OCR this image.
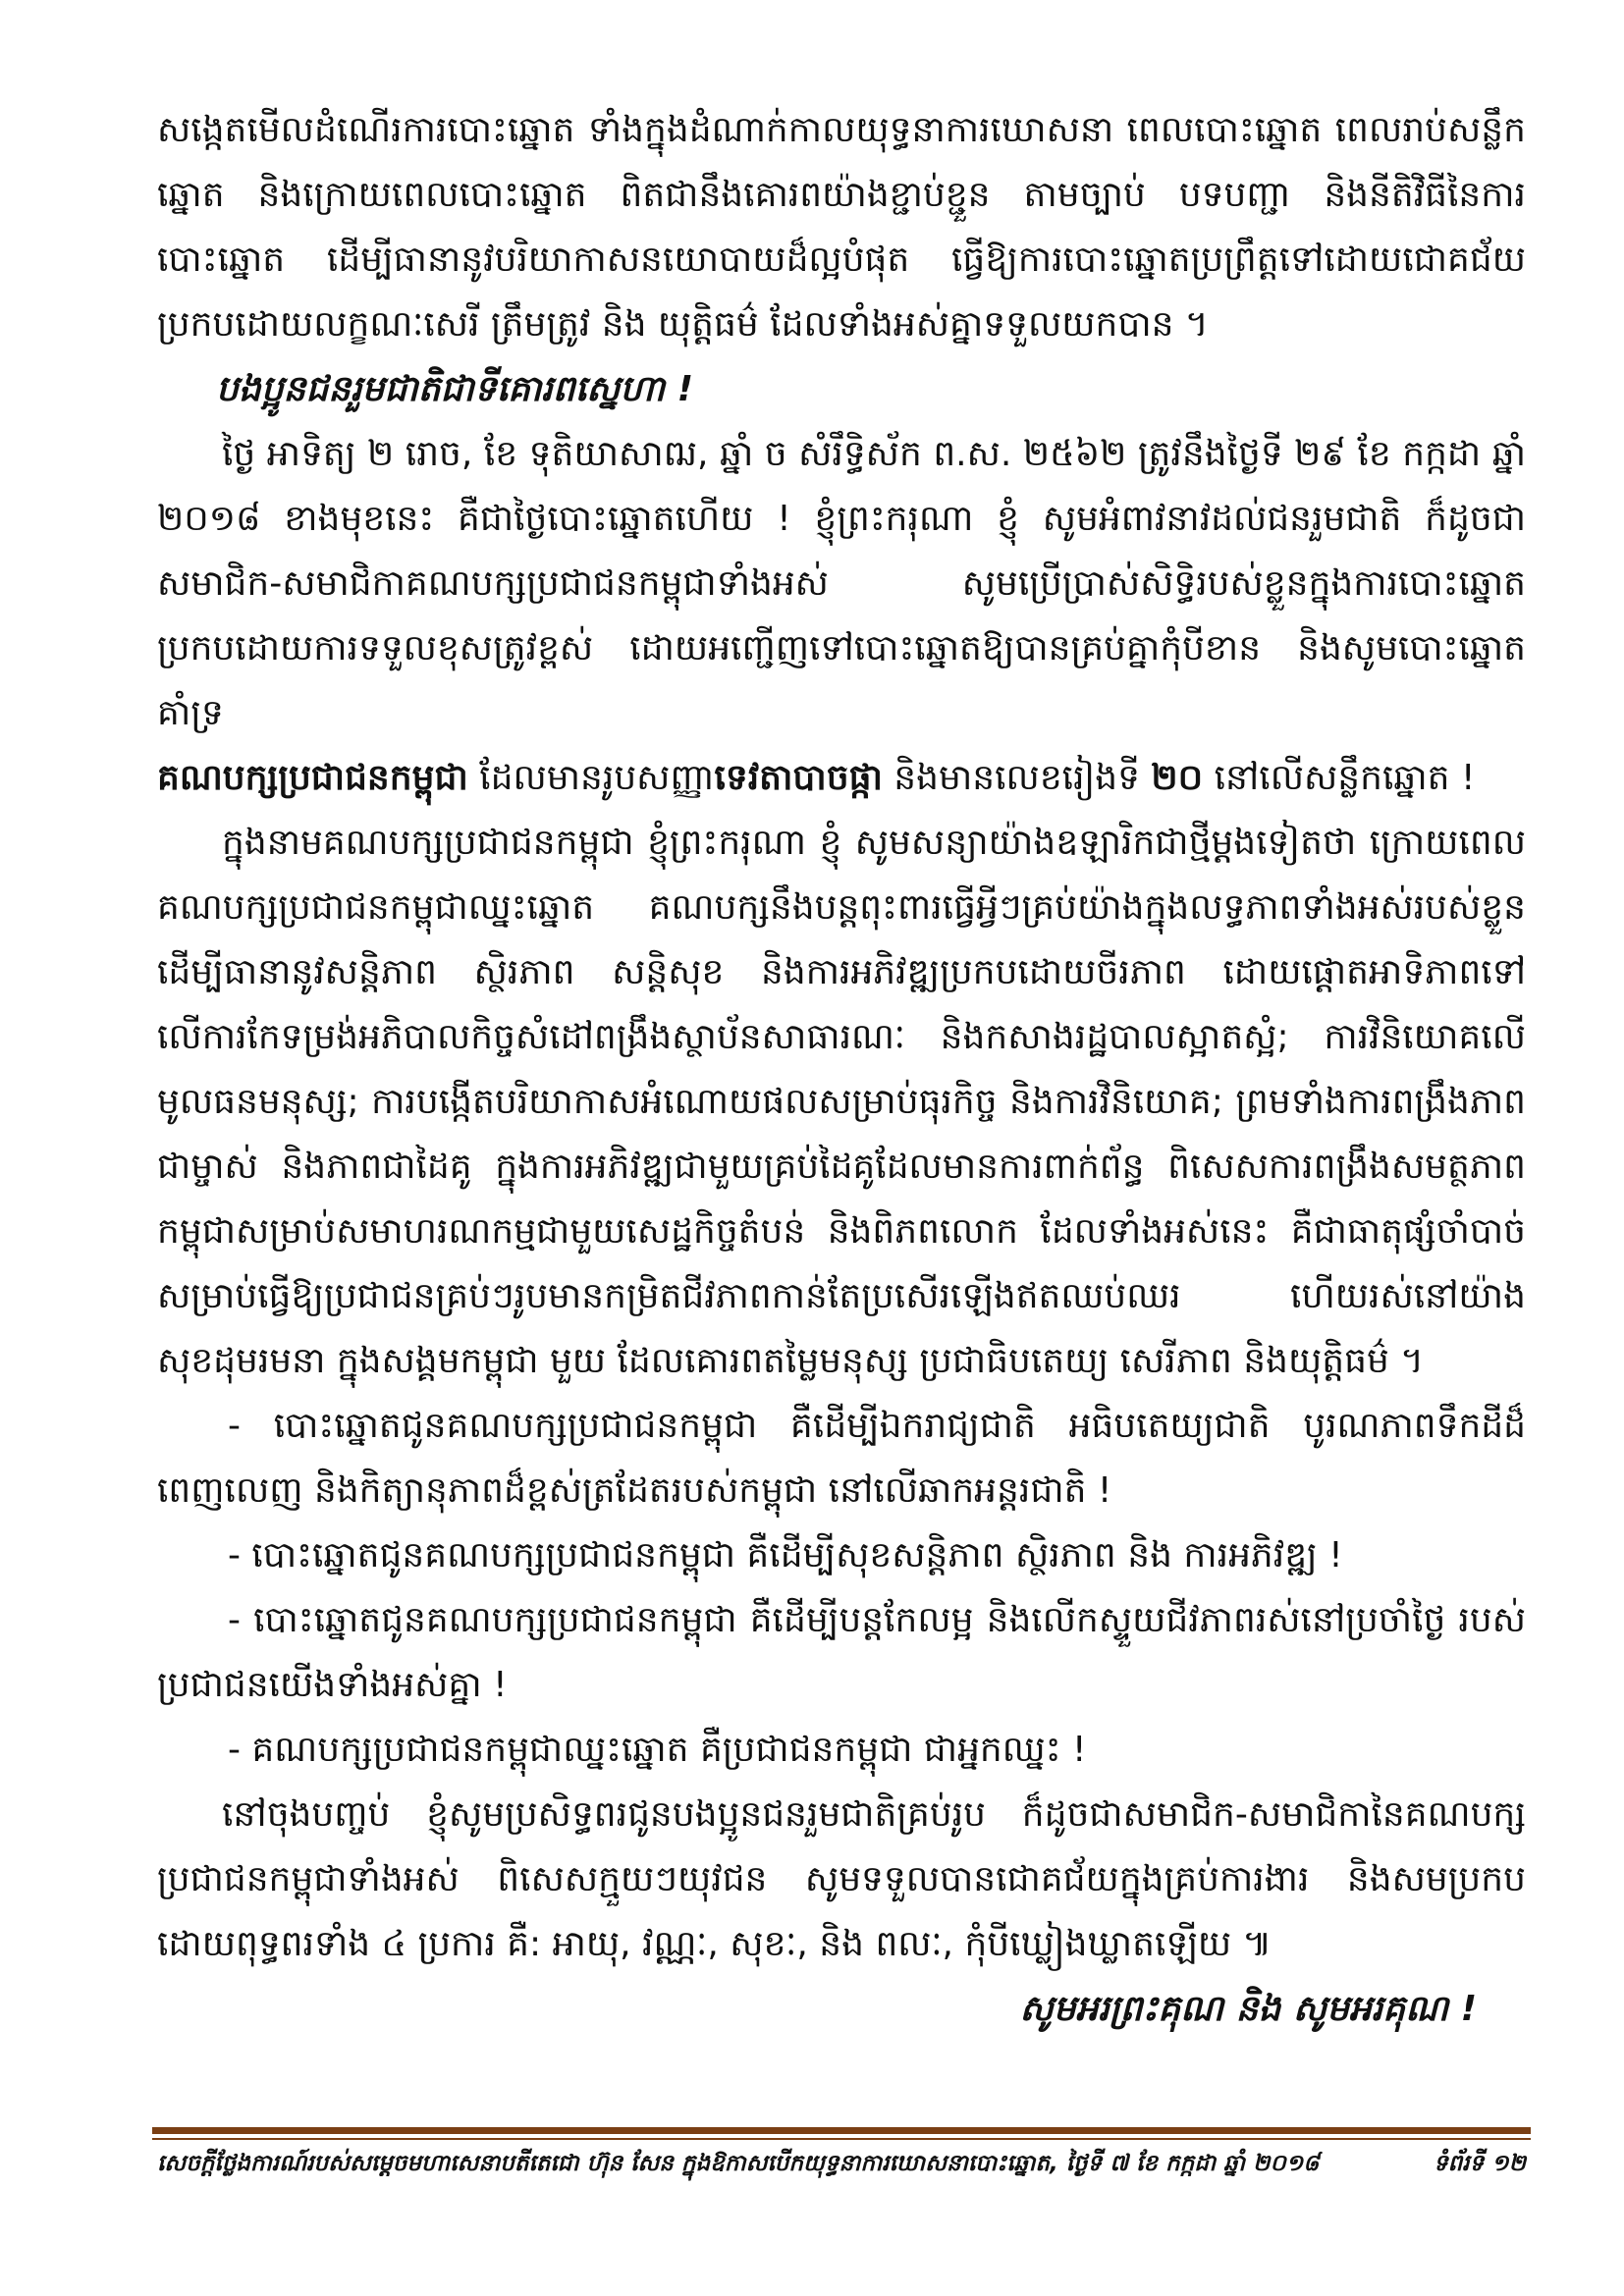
សង្កេតមើលដំណើរការបោះឆ្នោត ទាំងក្នុងដំណាក់កាលយុទ្ធនាការឃោសនា ពេលបោះឆ្នោត ពេលរាប់សន្លឹកឆ្នោត និងក្រោយពេលបោះឆ្នោត ពិតជានឹងគោរពយ៉ាងខ្ជាប់ខ្ជួន តាមច្បាប់ បទបញ្ជា និងនីតិវិធីនៃការបោះឆ្នោត ដើម្បីធានានូវបរិយាកាសនយោបាយដ៏ល្អបំផុត ធ្វើឱ្យការបោះឆ្នោតប្រព្រឹត្តទៅដោយជោគជ័យ ប្រកបដោយលក្ខណៈសេរី ត្រឹមត្រូវ និង យុត្តិធម៌ ដែលទាំងអស់គ្នាទទួលយកបាន ។

បងប្អូនជនរួមជាតិជាទីគោរពស្នេហា !

ថ្ងៃ អាទិត្យ ២ រោច, ខែ ទុតិយាសាឍ, ឆ្នាំ ច សំរឹទ្ធិស័ក ព.ស. ២៥៦២ ត្រូវនឹងថ្ងៃទី ២៩ ខែ កក្កដា ឆ្នាំ ២០១៨ ខាងមុខនេះ គឺជាថ្ងៃបោះឆ្នោតហើយ ! ខ្ញុំព្រះករុណា ខ្ញុំ សូមអំពាវនាវដល់ជនរួមជាតិ ក៏ដូចជាសមាជិក-សមាជិកាគណបក្សប្រជាជនកម្ពុជាទាំងអស់ សូមប្រើប្រាស់សិទ្ធិរបស់ខ្លួនក្នុងការបោះឆ្នោត ប្រកបដោយការទទួលខុសត្រូវខ្ពស់ ដោយអញ្ជើញទៅបោះឆ្នោតឱ្យបានគ្រប់គ្នាកុំបីខាន និងសូមបោះឆ្នោតគាំទ្រ
គណបក្សប្រជាជនកម្ពុជា ដែលមានរូបសញ្ញាទេវតាបាចផ្កា និងមានលេខរៀងទី ២០ នៅលើសន្លឹកឆ្នោត !

ក្នុងនាមគណបក្សប្រជាជនកម្ពុជា ខ្ញុំព្រះករុណា ខ្ញុំ សូមសន្យាយ៉ាងឧឡារិកជាថ្មីម្តងទៀតថា ក្រោយពេលគណបក្សប្រជាជនកម្ពុជាឈ្នះឆ្នោត គណបក្សនឹងបន្តពុះពារធ្វើអ្វីៗគ្រប់យ៉ាងក្នុងលទ្ធភាពទាំងអស់របស់ខ្លួន ដើម្បីធានានូវសន្តិភាព ស្ថិរភាព សន្តិសុខ និងការអភិវឌ្ឍប្រកបដោយចីរភាព ដោយផ្តោតអាទិភាពទៅលើការកែទម្រង់អភិបាលកិច្ចសំដៅពង្រឹងស្ថាប័នសាធារណៈ និងកសាងរដ្ឋបាលស្អាតស្អំ; ការវិនិយោគលើមូលធនមនុស្ស; ការបង្កើតបរិយាកាសអំណោយផលសម្រាប់ធុរកិច្ច និងការវិនិយោគ; ព្រមទាំងការពង្រឹងភាពជាម្ចាស់ និងភាពជាដៃគូ ក្នុងការអភិវឌ្ឍជាមួយគ្រប់ដៃគូដែលមានការពាក់ព័ន្ធ ពិសេសការពង្រឹងសមត្ថភាពកម្ពុជាសម្រាប់សមាហរណកម្មជាមួយសេដ្ឋកិច្ចតំបន់ និងពិភពលោក ដែលទាំងអស់នេះ គឺជាធាតុផ្សំចាំបាច់សម្រាប់ធ្វើឱ្យប្រជាជនគ្រប់ៗរូបមានកម្រិតជីវភាពកាន់តែប្រសើរឡើងឥតឈប់ឈរ ហើយរស់នៅយ៉ាងសុខដុមរមនា ក្នុងសង្គមកម្ពុជា មួយ ដែលគោរពតម្លៃមនុស្ស ប្រជាធិបតេយ្យ សេរីភាព និងយុត្តិធម៌ ។

- បោះឆ្នោតជូនគណបក្សប្រជាជនកម្ពុជា គឺដើម្បីឯករាជ្យជាតិ អធិបតេយ្យជាតិ បូរណភាពទឹកដីដ៏ពេញលេញ និងកិត្យានុភាពដ៏ខ្ពស់ត្រដែតរបស់កម្ពុជា នៅលើឆាកអន្តរជាតិ !

- បោះឆ្នោតជូនគណបក្សប្រជាជនកម្ពុជា គឺដើម្បីសុខសន្តិភាព ស្ថិរភាព និង ការអភិវឌ្ឍ !

- បោះឆ្នោតជូនគណបក្សប្រជាជនកម្ពុជា គឺដើម្បីបន្តកែលម្អ និងលើកស្ទួយជីវភាពរស់នៅប្រចាំថ្ងៃ របស់ប្រជាជនយើងទាំងអស់គ្នា !

- គណបក្សប្រជាជនកម្ពុជាឈ្នះឆ្នោត គឺប្រជាជនកម្ពុជា ជាអ្នកឈ្នះ !

នៅចុងបញ្ចប់ ខ្ញុំសូមប្រសិទ្ធពរជូនបងប្អូនជនរួមជាតិគ្រប់រូប ក៏ដូចជាសមាជិក-សមាជិកានៃគណបក្សប្រជាជនកម្ពុជាទាំងអស់ ពិសេសក្មួយៗយុវជន សូមទទួលបានជោគជ័យក្នុងគ្រប់ការងារ និងសមប្រកប ដោយពុទ្ធពរទាំង ៤ ប្រការ គឺ: អាយុ, វណ្ណៈ, សុខៈ, និង ពលៈ, កុំបីឃ្លៀងឃ្លាតឡើយ ៕

សូមអរព្រះគុណ និង សូមអរគុណ !

សេចក្តីថ្លែងការណ៍របស់សម្តេចមហាសេនាបតីតេជោ ហ៊ុន សែន ក្នុងឱកាសបើកយុទ្ធនាការឃោសនាបោះឆ្នោត, ថ្ងៃទី ៧ ខែ កក្កដា ឆ្នាំ ២០១៨	ទំព័រទី ១២
